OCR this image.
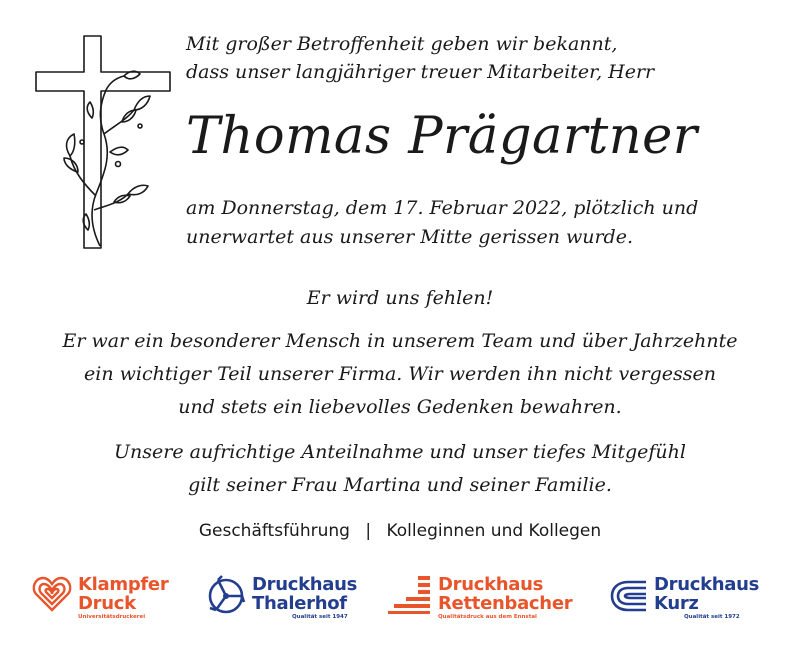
Mit großer Betroffenheit geben wir bekannt,
dass unser langjähriger treuer Mitarbeiter, Herr
Thomas Prägartner
am Donnerstag, dem 17. Februar 2022, plötzlich und
unerwartet aus unserer Mitte gerissen wurde.
Er wird uns fehlen!
Er war ein besonderer Mensch in unserem Team und über Jahrzehnte
ein wichtiger Teil unserer Firma. Wir werden ihn nicht vergessen
und stets ein liebevolles Gedenken bewahren.
Unsere aufrichtige Anteilnahme und unser tiefes Mitgefühl
gilt seiner Frau Martina und seiner Familie.
Geschäftsführung | Kolleginnen und Kollegen
Klampfer
Druck
Universitätsdruckerei
Druckhaus
Thalerhof
Qualität seit 1947
Druckhaus
Rettenbacher
Qualitätsdruck aus dem Ennstal
Druckhaus
Kurz
Qualität seit 1972
